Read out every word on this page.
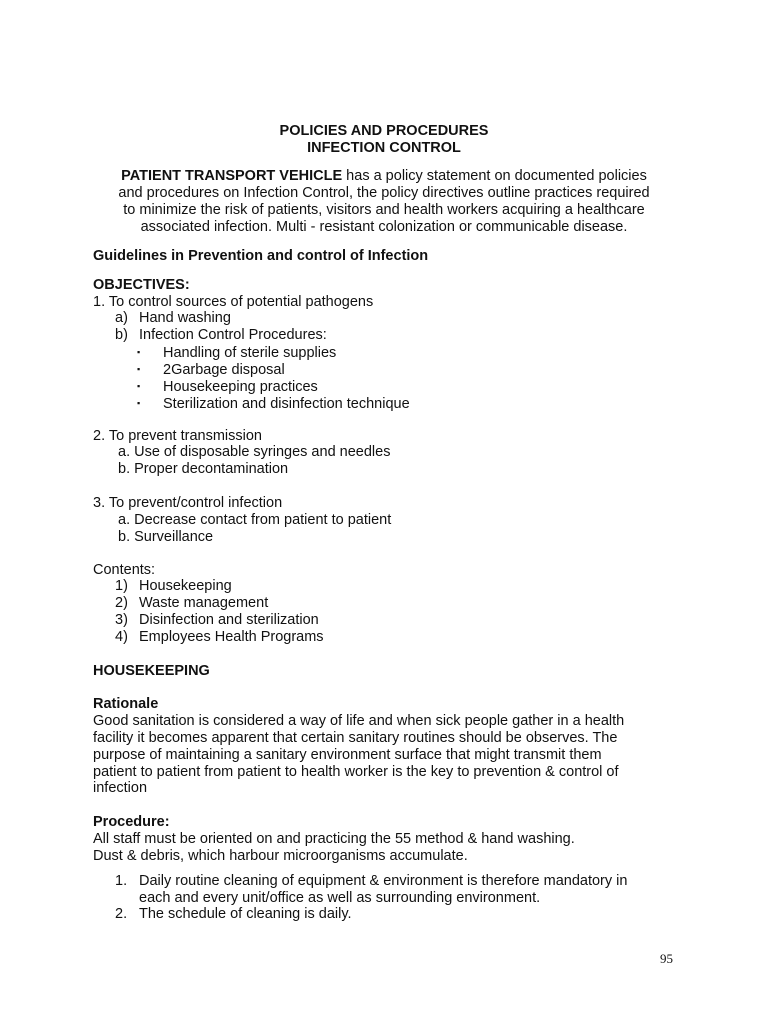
POLICIES AND PROCEDURES
INFECTION CONTROL
PATIENT TRANSPORT VEHICLE has a policy statement on documented policies
and procedures on Infection Control, the policy directives outline practices required
to minimize the risk of patients, visitors and health workers acquiring a healthcare
associated infection. Multi - resistant colonization or communicable disease.
Guidelines in Prevention and control of Infection
OBJECTIVES:
1. To control sources of potential pathogens
a) Hand washing
b) Infection Control Procedures:
▪ Handling of sterile supplies
▪ 2Garbage disposal
▪ Housekeeping practices
▪ Sterilization and disinfection technique
2. To prevent transmission
a. Use of disposable syringes and needles
b. Proper decontamination
3. To prevent/control infection
a. Decrease contact from patient to patient
b. Surveillance
Contents:
1) Housekeeping
2) Waste management
3) Disinfection and sterilization
4) Employees Health Programs
HOUSEKEEPING
Rationale
Good sanitation is considered a way of life and when sick people gather in a health
facility it becomes apparent that certain sanitary routines should be observes. The
purpose of maintaining a sanitary environment surface that might transmit them
patient to patient from patient to health worker is the key to prevention & control of
infection
Procedure:
All staff must be oriented on and practicing the 55 method & hand washing.
Dust & debris, which harbour microorganisms accumulate.
1. Daily routine cleaning of equipment & environment is therefore mandatory in
each and every unit/office as well as surrounding environment.
2. The schedule of cleaning is daily.
95
